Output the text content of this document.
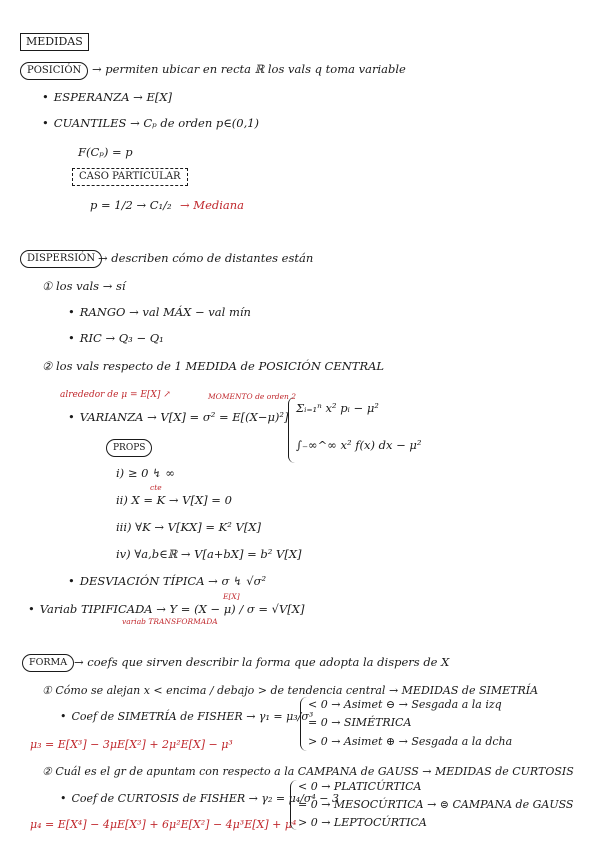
MEDIDAS
POSICIÓN → permiten ubicar en recta ℝ los vals q toma variable
• ESPERANZA → E[X]
• CUANTILES → Cₚ de orden p∈(0,1)
F(Cₚ) = p
CASO PARTICULAR
p = 1/2 → C₁/₂ → Mediana
DISPERSIÓN → describen cómo de distantes están
① los vals → sí
• RANGO → val MÁX − val mín
• RIC → Q₃ − Q₁
② los vals respecto de 1 MEDIDA de POSICIÓN CENTRAL
alrededor de μ = E[X] ↗	MOMENTO de orden 2
• VARIANZA → V[X] = σ² = E[(X−μ)²]
Σᵢ₌₁ⁿ x² pᵢ − μ²
∫₋∞^∞ x² f(x) dx − μ²
PROPS
i) ≥ 0 ↯ ∞
cte
ii) X = K → V[X] = 0
iii) ∀K → V[KX] = K² V[X]
iv) ∀a,b∈ℝ → V[a+bX] = b² V[X]
• DESVIACIÓN TÍPICA → σ ↯ √σ²
E[X]
• Variab TIPIFICADA → Y = (X − μ) / σ = √V[X]
variab TRANSFORMADA
FORMA → coefs que sirven describir la forma que adopta la dispers de X
① Cómo se alejan x < encima / debajo > de tendencia central → MEDIDAS de SIMETRÍA
• Coef de SIMETRÍA de FISHER → γ₁ = μ₃/σ³
μ₃ = E[X³] − 3μE[X²] + 2μ²E[X] − μ³
< 0 → Asimet ⊖ → Sesgada a la izq
= 0 → SIMÉTRICA
> 0 → Asimet ⊕ → Sesgada a la dcha
② Cuál es el gr de apuntam con respecto a la CAMPANA de GAUSS → MEDIDAS de CURTOSIS
• Coef de CURTOSIS de FISHER → γ₂ = μ₄/σ⁴ − 3
μ₄ = E[X⁴] − 4μE[X³] + 6μ²E[X²] − 4μ³E[X] + μ⁴
< 0 → PLATICÚRTICA
= 0 → MESOCÚRTICA → ⊜ CAMPANA de GAUSS
> 0 → LEPTOCÚRTICA
